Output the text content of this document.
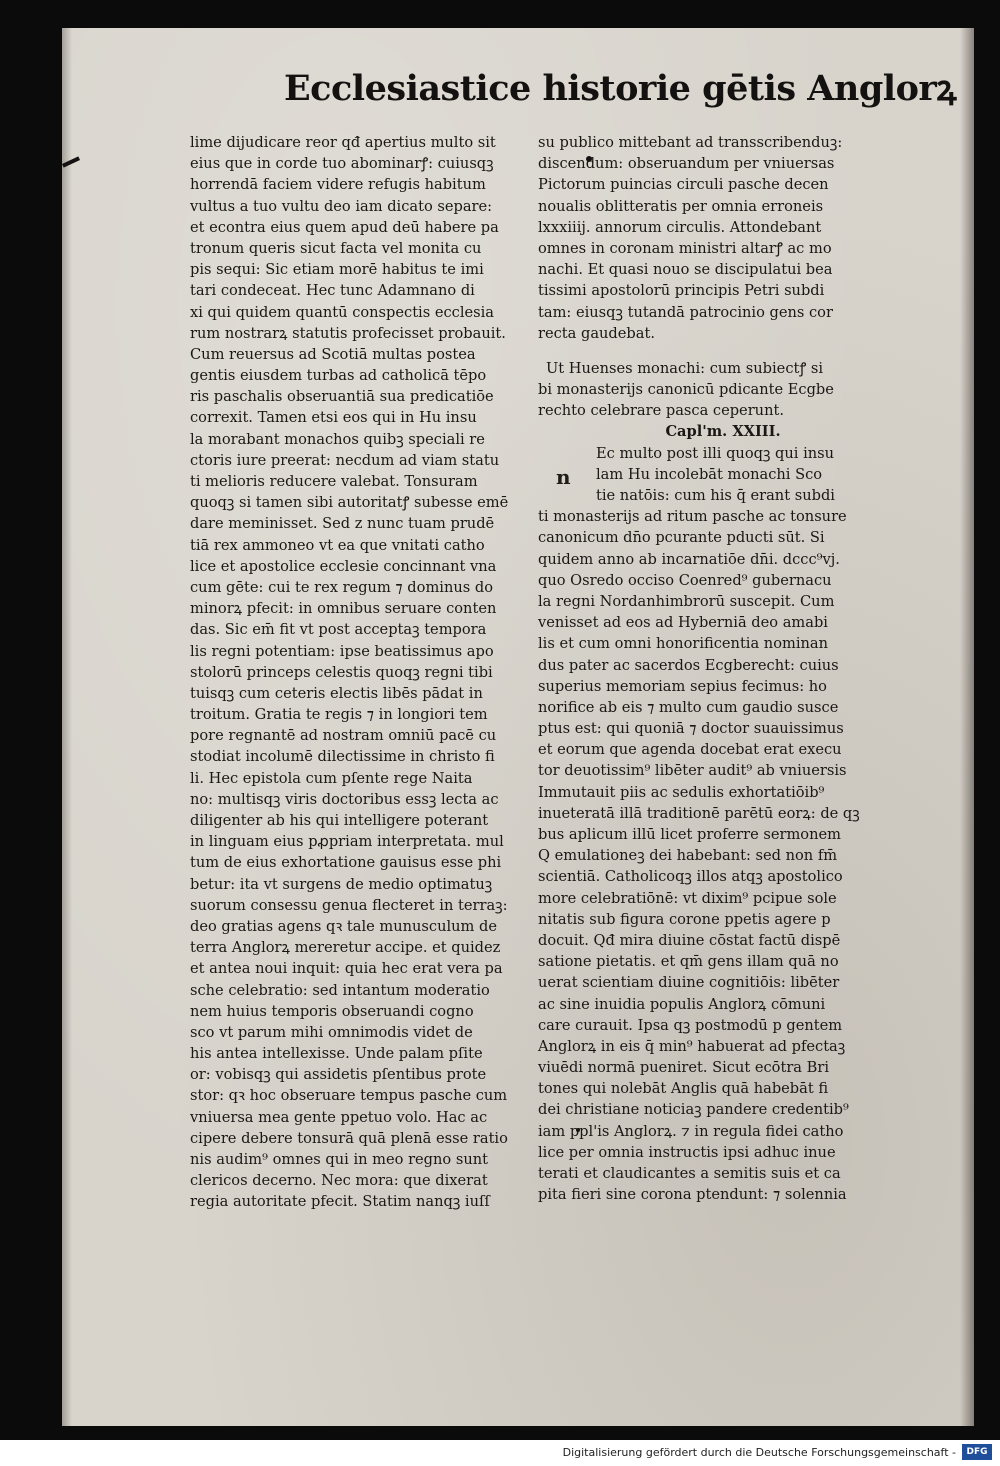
Ecclesiastice historie gētis Anglorꝝ
lime dijudicare reor qđ apertius multo sit
eius que in corde tuo abominarꝭ: cuiusqꝫ
horrendā faciem videre refugis habitum
vultus a tuo vultu deo iam dicato separe:
et econtra eius quem apud deū habere pa
tronum queris sicut facta vel monita cu
pis sequi: Sic etiam morē habitus te imi
tari condeceat. Hec tunc Adamnano di
xi qui quidem quantū conspectis ecclesia
rum nostrarꝝ statutis profecisset probauit.
Cum reuersus ad Scotiā multas postea
gentis eiusdem turbas ad catholicā tēpo
ris paschalis obseruantiā sua predicatiōe
correxit. Tamen etsi eos qui in Hu insu
la morabant monachos quibꝫ speciali re
ctoris iure preerat: necdum ad viam statu
ti melioris reducere valebat. Tonsuram
quoqꝫ si tamen sibi autoritatꝭ subesse emē
dare meminisset. Sed z nunc tuam prudē
tiā rex ammoneo vt ea que vnitati catho
lice et apostolice ecclesie concinnant vna
cum gēte: cui te rex regum ⁊ dominus do
minorꝝ pfecit: in omnibus seruare conten
das. Sic em̄ fit vt post acceptaꝫ tempora
lis regni potentiam: ipse beatissimus apo
stolorū princeps celestis quoqꝫ regni tibi
tuisqꝫ cum ceteris electis libēs pādat in
troitum. Gratia te regis ⁊ in longiori tem
pore regnantē ad nostram omniū pacē cu
stodiat incolumē dilectissime in christo fi
li. Hec epistola cum pſente rege Naita
no: multisqꝫ viris doctoribus essꝫ lecta ac
diligenter ab his qui intelligere poterant
in linguam eius pꝓpriam interpretata. mul
tum de eius exhortatione gauisus esse phi
betur: ita vt surgens de medio optimatuꝫ
suorum consessu genua flecteret in terraꝫ:
deo gratias agens qꝛ tale munusculum de
terra Anglorꝝ mereretur accipe. et quidez
et antea noui inquit: quia hec erat vera pa
sche celebratio: sed intantum moderatio
nem huius temporis obseruandi cogno
sco vt parum mihi omnimodis videt de
his antea intellexisse. Unde palam pſite
or: vobisqꝫ qui assidetis pſentibus prote
stor: qꝛ hoc obseruare tempus pasche cum
vniuersa mea gente ppetuo volo. Hac ac
cipere debere tonsurā quā plenā esse ratio
nis audim⁹ omnes qui in meo regno sunt
clericos decerno. Nec mora: que dixerat
regia autoritate pfecit. Statim nanqꝫ iuſſ
su publico mittebant ad transscribenduꝫ:
discendum: obseruandum per vniuersas
Pictorum puincias circuli pasche decen
noualis oblitteratis per omnia erroneis
lxxxiiij. annorum circulis. Attondebant
omnes in coronam ministri altarꝭ ac mo
nachi. Et quasi nouo se discipulatui bea
tissimi apostolorū principis Petri subdi
tam: eiusqꝫ tutandā patrocinio gens cor
recta gaudebat.
Ut Huenses monachi: cum subiectꝭ si
bi monasterijs canonicū pdicante Ecgbe
rechto celebrare pasca ceperunt.
Capl'm. XXIII.
n
Ec multo post illi quoqꝫ qui insu
lam Hu incolebāt monachi Sco
tie natōis: cum his q̄ erant subdi
ti monasterijs ad ritum pasche ac tonsure
canonicum dn̄o pcurante pducti sūt. Si
quidem anno ab incarnatiōe dn̄i. dccc⁹vj.
quo Osredo occiso Coenred⁹ gubernacu
la regni Nordanhimbrorū suscepit. Cum
venisset ad eos ad Hyberniā deo amabi
lis et cum omni honorificentia nominan
dus pater ac sacerdos Ecgberecht: cuius
superius memoriam sepius fecimus: ho
norifice ab eis ⁊ multo cum gaudio susce
ptus est: qui quoniā ⁊ doctor suauissimus
et eorum que agenda docebat erat execu
tor deuotissim⁹ libēter audit⁹ ab vniuersis
Immutauit piis ac sedulis exhortatiōib⁹
inueteratā illā traditionē parētū eorꝝ: de qꝫ
bus aplicum illū licet proferre sermonem
Q emulationeꝫ dei habebant: sed non fm̄
scientiā. Catholicoqꝫ illos atqꝫ apostolico
more celebratiōnē: vt dixim⁹ pcipue sole
nitatis sub figura corone ppetis agere p
docuit. Qđ mira diuine cōstat factū dispē
satione pietatis. et qm̄ gens illam quā no
uerat scientiam diuine cognitiōis: libēter
ac sine inuidia populis Anglorꝝ cōmuni
care curauit. Ipsa qꝫ postmodū p gentem
Anglorꝝ in eis q̄ min⁹ habuerat ad pfectaꝫ
viuēdi normā pueniret. Sicut ecōtra Bri
tones qui nolebāt Anglis quā habebāt fi
dei christiane noticiaꝫ pandere credentib⁹
iam ppl'is Anglorꝝ. ⁊ in regula fidei catho
lice per omnia instructis ipsi adhuc inue
terati et claudicantes a semitis suis et ca
pita fieri sine corona ptendunt: ⁊ solennia
Digitalisierung gefördert durch die Deutsche Forschungsgemeinschaft -	DFG
